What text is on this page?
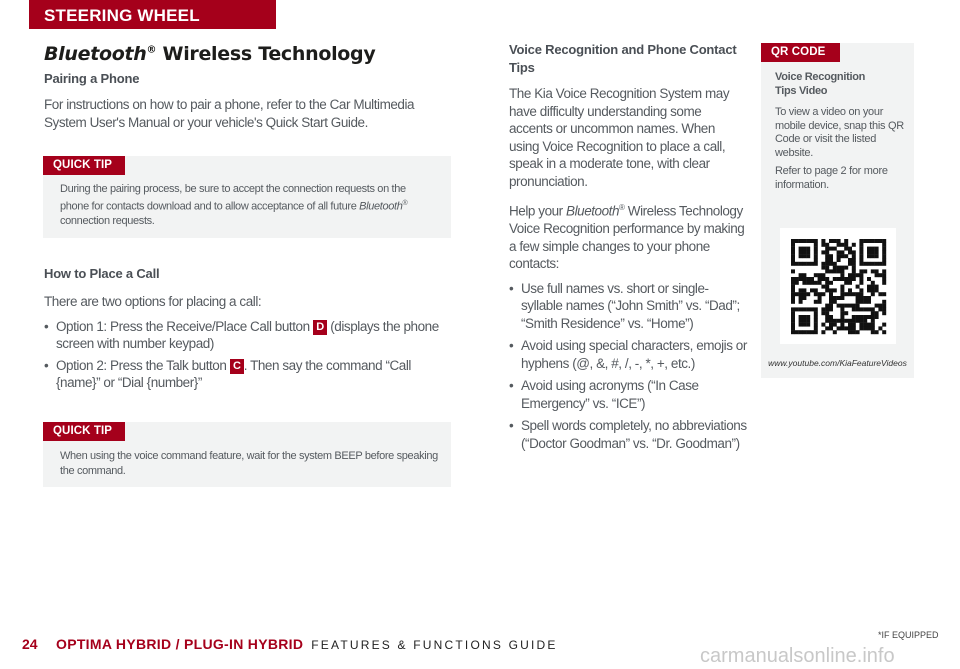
STEERING WHEEL CONTROLS
Bluetooth® Wireless Technology
Pairing a Phone
For instructions on how to pair a phone, refer to the Car Multimedia System User's Manual or your vehicle's Quick Start Guide.
QUICK TIP
During the pairing process, be sure to accept the connection requests on the phone for contacts download and to allow acceptance of all future Bluetooth® connection requests.
How to Place a Call
There are two options for placing a call:
• Option 1: Press the Receive/Place Call button D (displays the phone screen with number keypad)
• Option 2: Press the Talk button C . Then say the command “Call {name}” or “Dial {number}”
QUICK TIP
When using the voice command feature, wait for the system BEEP before speaking the command.
Voice Recognition and Phone Contact Tips
The Kia Voice Recognition System may have difficulty understanding some accents or uncommon names. When using Voice Recognition to place a call, speak in a moderate tone, with clear pronunciation.
Help your Bluetooth® Wireless Technology Voice Recognition performance by making a few simple changes to your phone contacts:
• Use full names vs. short or single-syllable names (“John Smith” vs. “Dad”; “Smith Residence” vs. “Home”)
• Avoid using special characters, emojis or hyphens (@, &, #, /, -, *, +, etc.)
• Avoid using acronyms (“In Case Emergency” vs. “ICE”)
• Spell words completely, no abbreviations (“Doctor Goodman” vs. “Dr. Goodman”)
QR CODE
Voice Recognition Tips Video
To view a video on your mobile device, snap this QR Code or visit the listed website.
Refer to page 2 for more information.
www.youtube.com/KiaFeatureVideos
24	OPTIMA HYBRID / PLUG-IN HYBRID FEATURES & FUNCTIONS GUIDE
*IF EQUIPPED
carmanualsonline.info
